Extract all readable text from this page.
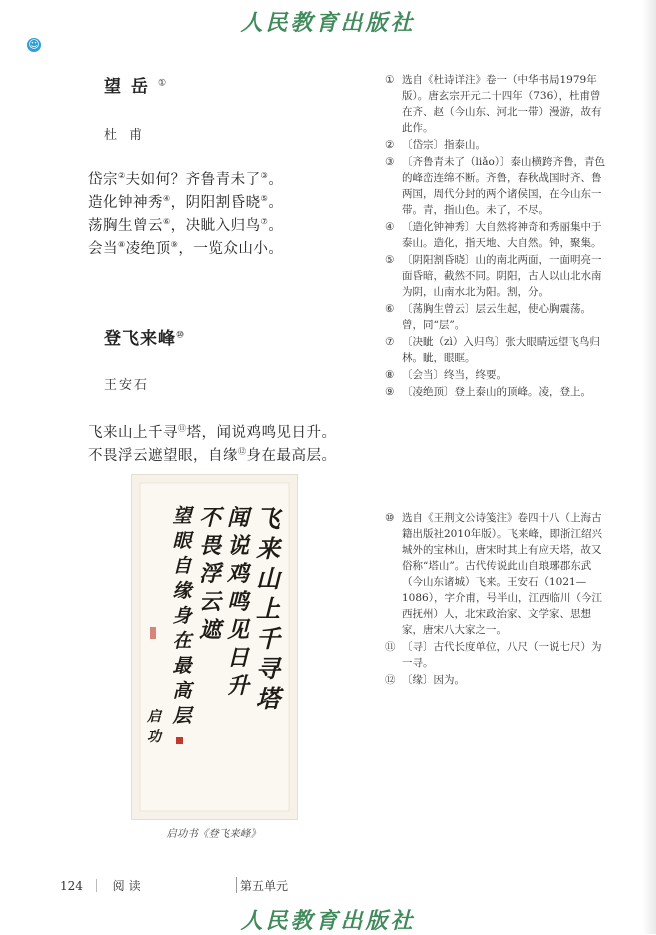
人民教育出版社
☺
望岳①
杜甫
岱宗②夫如何？齐鲁青未了③。
造化钟神秀④，阴阳割昏晓⑤。
荡胸生曾云⑥，决眦入归鸟⑦。
会当⑧凌绝顶⑨，一览众山小。
登飞来峰⑩
王安石
飞来山上千寻⑪塔，闻说鸡鸣见日升。
不畏浮云遮望眼，自缘⑫身在最高层。
飞来山上千寻塔
闻说鸡鸣见日升
不畏浮云遮
望眼自缘身在最高层
启功
启功书《登飞来峰》
① 选自《杜诗详注》卷一（中华书局1979年版）。唐玄宗开元二十四年（736），杜甫曾在齐、赵（今山东、河北一带）漫游，故有此作。
② 〔岱宗〕指泰山。
③ 〔齐鲁青未了（liǎo）〕泰山横跨齐鲁，青色的峰峦连绵不断。齐鲁，春秋战国时齐、鲁两国，周代分封的两个诸侯国，在今山东一带。青，指山色。未了，不尽。
④ 〔造化钟神秀〕大自然将神奇和秀丽集中于泰山。造化，指天地、大自然。钟，聚集。
⑤ 〔阴阳割昏晓〕山的南北两面，一面明亮一面昏暗，截然不同。阴阳，古人以山北水南为阴，山南水北为阳。割，分。
⑥ 〔荡胸生曾云〕层云生起，使心胸震荡。曾，同“层”。
⑦ 〔决眦（zì）入归鸟〕张大眼睛远望飞鸟归林。眦，眼眶。
⑧ 〔会当〕终当，终要。
⑨ 〔凌绝顶〕登上泰山的顶峰。凌，登上。
⑩ 选自《王荆文公诗笺注》卷四十八（上海古籍出版社2010年版）。飞来峰，即浙江绍兴城外的宝林山，唐宋时其上有应天塔，故又俗称“塔山”。古代传说此山自琅琊郡东武（今山东诸城）飞来。王安石（1021—1086），字介甫，号半山，江西临川（今江西抚州）人，北宋政治家、文学家、思想家，唐宋八大家之一。
⑪ 〔寻〕古代长度单位，八尺（一说七尺）为一寻。
⑫ 〔缘〕因为。
124 阅读	第五单元
人民教育出版社
